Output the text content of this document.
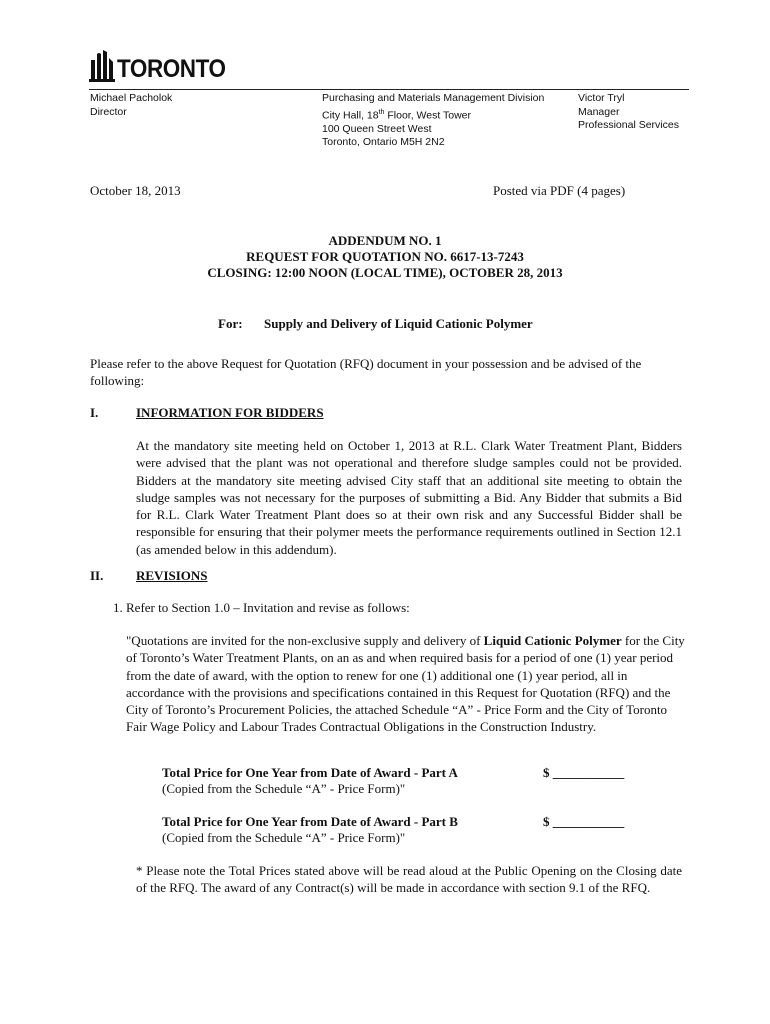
TORONTO
Michael Pacholok
Director
Purchasing and Materials Management Division
City Hall, 18th Floor, West Tower
100 Queen Street West
Toronto, Ontario M5H 2N2
Victor Tryl
Manager
Professional Services
October 18, 2013	Posted via PDF (4 pages)
ADDENDUM NO. 1
REQUEST FOR QUOTATION NO. 6617-13-7243
CLOSING: 12:00 NOON (LOCAL TIME), OCTOBER 28, 2013
For: Supply and Delivery of Liquid Cationic Polymer
Please refer to the above Request for Quotation (RFQ) document in your possession and be advised of the following:
I.	INFORMATION FOR BIDDERS
At the mandatory site meeting held on October 1, 2013 at R.L. Clark Water Treatment Plant, Bidders were advised that the plant was not operational and therefore sludge samples could not be provided. Bidders at the mandatory site meeting advised City staff that an additional site meeting to obtain the sludge samples was not necessary for the purposes of submitting a Bid. Any Bidder that submits a Bid for R.L. Clark Water Treatment Plant does so at their own risk and any Successful Bidder shall be responsible for ensuring that their polymer meets the performance requirements outlined in Section 12.1 (as amended below in this addendum).
II.	REVISIONS
1. Refer to Section 1.0 – Invitation and revise as follows:
"Quotations are invited for the non-exclusive supply and delivery of Liquid Cationic Polymer for the City of Toronto’s Water Treatment Plants, on an as and when required basis for a period of one (1) year period from the date of award, with the option to renew for one (1) additional one (1) year period, all in accordance with the provisions and specifications contained in this Request for Quotation (RFQ) and the City of Toronto’s Procurement Policies, the attached Schedule “A” - Price Form and the City of Toronto Fair Wage Policy and Labour Trades Contractual Obligations in the Construction Industry.
Total Price for One Year from Date of Award - Part A	$ ___________
(Copied from the Schedule “A” - Price Form)"
Total Price for One Year from Date of Award - Part B	$ ___________
(Copied from the Schedule “A” - Price Form)"
* Please note the Total Prices stated above will be read aloud at the Public Opening on the Closing date of the RFQ. The award of any Contract(s) will be made in accordance with section 9.1 of the RFQ.
